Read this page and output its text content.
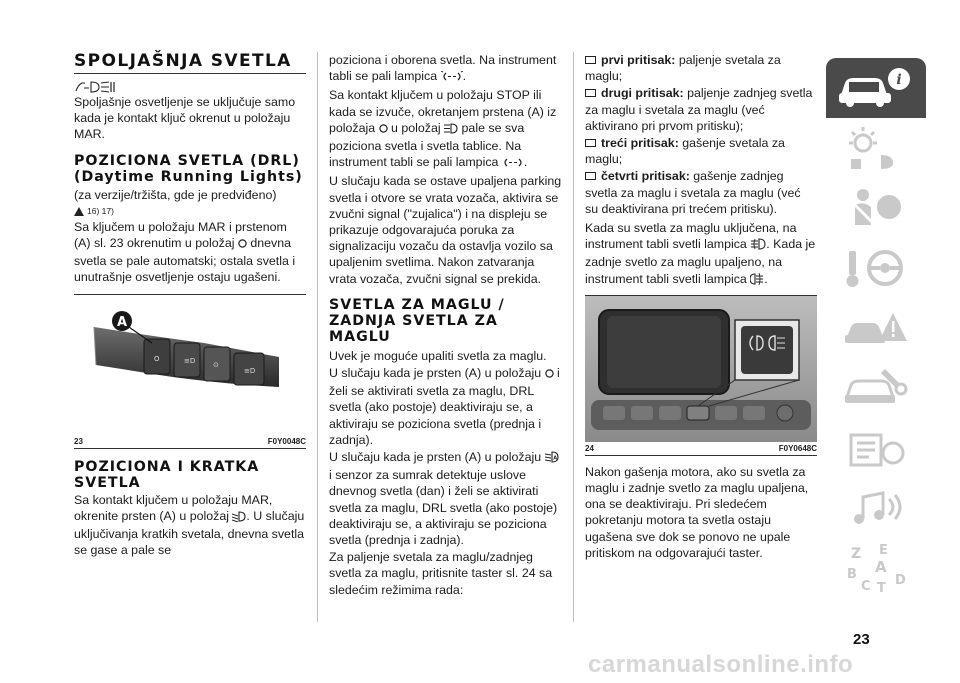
SPOLJAŠNJA SVETLA

Spoljašnje osvetljenje se uključuje samo kada je kontakt ključ okrenut u položaju MAR.

POZICIONA SVETLA (DRL) (Daytime Running Lights)

(za verzije/tržišta, gde je predviđeno)

16) 17)

Sa ključem u položaju MAR i prstenom (A) sl. 23 okrenutim u položaj  dnevna svetla se pale automatski; ostala svetla i unutrašnje osvetljenje ostaju ugašeni.

O	≡D	⊙
≡D
A
23	F0Y0048C
POZICIONA I KRATKA SVETLA

Sa kontakt ključem u položaju MAR, okrenite prsten (A) u položaj . U slučaju uključivanja kratkih svetala, dnevna svetla se gase a pale se

poziciona i oborena svetla. Na instrument tabli se pali lampica .

Sa kontakt ključem u položaju STOP ili kada se izvuče, okretanjem prstena (A) iz položaja  u položaj  pale se sva poziciona svetla i svetla tablice. Na instrument tabli se pali lampica .

U slučaju kada se ostave upaljena parking svetla i otvore se vrata vozača, aktivira se zvučni signal ("zujalica") i na displeju se prikazuje odgovarajuća poruka za signalizaciju vozaču da ostavlja vozilo sa upaljenim svetlima. Nakon zatvaranja vrata vozača, zvučni signal se prekida.

SVETLA ZA MAGLU / ZADNJA SVETLA ZA MAGLU

Uvek je moguće upaliti svetla za maglu.

U slučaju kada je prsten (A) u položaju  i želi se aktivirati svetla za maglu, DRL svetla (ako postoje) deaktiviraju se, a aktiviraju se poziciona svetla (prednja i zadnja).

U slučaju kada je prsten (A) u položaju A
i senzor za sumrak detektuje uslove dnevnog svetla (dan) i želi se aktivirati svetla za maglu, DRL svetla (ako postoje) deaktiviraju se, a aktiviraju se poziciona svetla (prednja i zadnja).

Za paljenje svetala za maglu/zadnjeg svetla za maglu, pritisnite taster sl. 24 sa sledećim režimima rada:

prvi pritisak: paljenje svetala za maglu;

drugi pritisak: paljenje zadnjeg svetla za maglu i svetala za maglu (već aktivirano pri prvom pritisku);

treći pritisak: gašenje svetala za maglu;

četvrti pritisak: gašenje zadnjeg svetla za maglu i svetala za maglu (već su deaktivirana pri trećem pritisku).

Kada su svetla za maglu uključena, na instrument tabli svetli lampica . Kada je zadnje svetlo za maglu upaljeno, na instrument tabli svetli lampica .

24	F0Y0648C

Nakon gašenja motora, ako su svetla za maglu i zadnje svetlo za maglu upaljena, ona se deaktiviraju. Pri sledećem pokretanju motora ta svetla ostaju ugašena sve dok se ponovo ne upale pritiskom na odgovarajući taster.

i
Z E
B A
C T
D
23
carmanualsonline.info
